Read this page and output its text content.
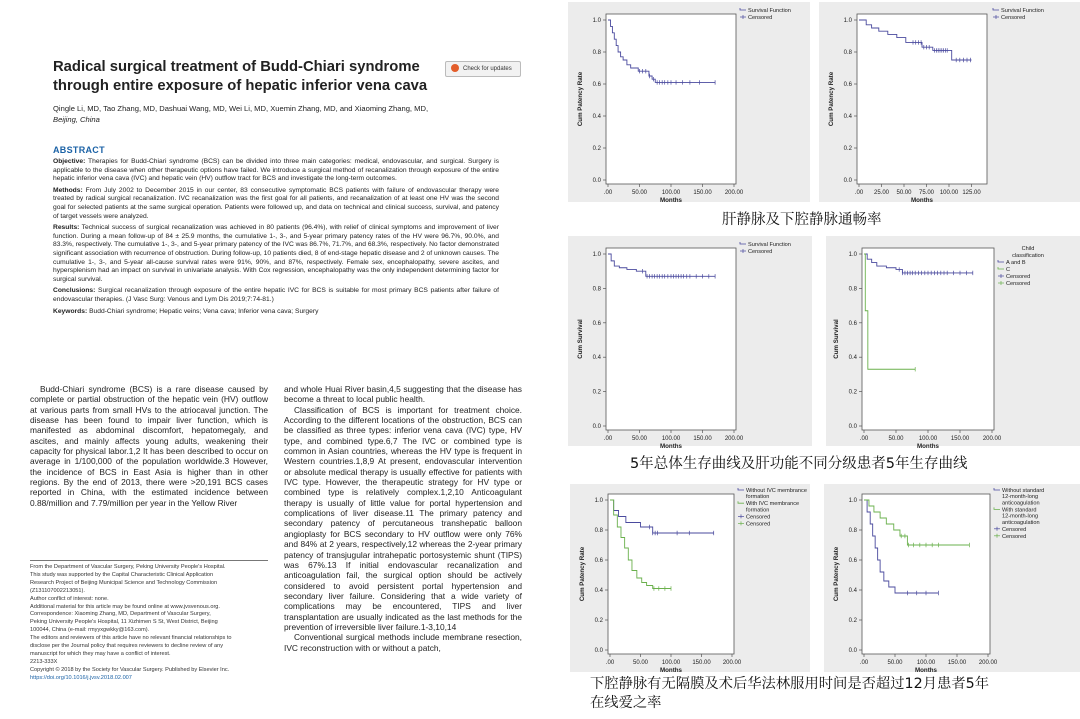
Radical surgical treatment of Budd-Chiari syndrome through entire exposure of hepatic inferior vena cava
Check for updates
Qingle Li, MD, Tao Zhang, MD, Dashuai Wang, MD, Wei Li, MD, Xuemin Zhang, MD, and Xiaoming Zhang, MD,
Beijing, China
ABSTRACT

Objective: Therapies for Budd-Chiari syndrome (BCS) can be divided into three main categories: medical, endovascular, and surgical. Surgery is applicable to the disease when other therapeutic options have failed. We introduce a surgical method of recanalization through exposure of the entire hepatic inferior vena cava (IVC) and hepatic vein (HV) outflow tract for BCS and investigate the long-term outcomes.

Methods: From July 2002 to December 2015 in our center, 83 consecutive symptomatic BCS patients with failure of endovascular therapy were treated by radical surgical recanalization. IVC recanalization was the first goal for all patients, and recanalization of at least one HV was the second goal for selected patients at the same surgical operation. Patients were followed up, and data on technical and clinical success, survival, and patency of target vessels were analyzed.

Results: Technical success of surgical recanalization was achieved in 80 patients (96.4%), with relief of clinical symptoms and improvement of liver function. During a mean follow-up of 84 ± 25.9 months, the cumulative 1-, 3-, and 5-year primary patency rates of the HV were 96.7%, 90.0%, and 83.3%, respectively. The cumulative 1-, 3-, and 5-year primary patency of the IVC was 86.7%, 71.7%, and 68.3%, respectively. No factor demonstrated significant association with recurrence of obstruction. During follow-up, 10 patients died, 8 of end-stage hepatic disease and 2 of unknown causes. The cumulative 1-, 3-, and 5-year all-cause survival rates were 91%, 90%, and 87%, respectively. Female sex, encephalopathy, severe ascites, and hypersplenism had an impact on survival in univariate analysis. With Cox regression, encephalopathy was the only independent determining factor for surgical survival.

Conclusions: Surgical recanalization through exposure of the entire hepatic IVC for BCS is suitable for most primary BCS patients after failure of endovascular therapies. (J Vasc Surg: Venous and Lym Dis 2019;7:74-81.)

Keywords: Budd-Chiari syndrome; Hepatic veins; Vena cava; Inferior vena cava; Surgery

Budd-Chiari syndrome (BCS) is a rare disease caused by complete or partial obstruction of the hepatic vein (HV) outflow at various parts from small HVs to the atriocaval junction. The disease has been found to impair liver function, which is manifested as abdominal discomfort, hepatomegaly, and ascites, and mainly affects young adults, weakening their capacity for physical labor.1,2 It has been described to occur on average in 1/100,000 of the population worldwide.3 However, the incidence of BCS in East Asia is higher than in other regions. By the end of 2013, there were >20,191 BCS cases reported in China, with the estimated incidence between 0.88/million and 7.79/million per year in the Yellow River

From the Department of Vascular Surgery, Peking University People's Hospital.
This study was supported by the Capital Characteristic Clinical Application
Research Project of Beijing Municipal Science and Technology Commission
(Z131107002213051).
Author conflict of interest: none.
Additional material for this article may be found online at www.jvsvenous.org.
Correspondence: Xiaoming Zhang, MD, Department of Vascular Surgery,
Peking University People's Hospital, 11 Xizhimen S St, West District, Beijing
100044, China (e-mail: rmyyxgwkky@163.com).
The editors and reviewers of this article have no relevant financial relationships to
disclose per the Journal policy that requires reviewers to decline review of any
manuscript for which they may have a conflict of interest.
2213-333X
Copyright © 2018 by the Society for Vascular Surgery. Published by Elsevier Inc.
https://doi.org/10.1016/j.jvsv.2018.02.007

and whole Huai River basin,4,5 suggesting that the disease has become a threat to local public health.

Classification of BCS is important for treatment choice. According to the different locations of the obstruction, BCS can be classified as three types: inferior vena cava (IVC) type, HV type, and combined type.6,7 The IVC or combined type is common in Asian countries, whereas the HV type is frequent in Western countries.1,8,9 At present, endovascular intervention or absolute medical therapy is usually effective for patients with IVC type. However, the therapeutic strategy for HV type or combined type is relatively complex.1,2,10 Anticoagulant therapy is usually of little value for portal hypertension and complications of liver disease.11 The primary patency and secondary patency of percutaneous transhepatic balloon angioplasty for BCS secondary to HV outflow were only 76% and 84% at 2 years, respectively,12 whereas the 2-year primary patency of transjugular intrahepatic portosystemic shunt (TIPS) was 67%.13 If initial endovascular recanalization and anticoagulation fail, the surgical option should be actively considered to avoid persistent portal hypertension and secondary liver failure. Considering that a wide variety of complications may be encountered, TIPS and liver transplantation are usually indicated as the last methods for the prevention of irreversible liver failure.1-3,10,14

Conventional surgical methods include membrane resection, IVC reconstruction with or without a patch,

0.0
0.2
0.4
0.6
0.8
1.0
.00	50.00 100.00 150.00 200.00
Months
Cum Patency Rate
Survival Function
Censored
0.0
0.2
0.4
0.6
0.8
1.0
.00 25.00 50.00 75.00 100.00 125.00
Months
Cum Patency Rate
Survival Function
Censored
肝静脉及下腔静脉通畅率
0.0
0.2
0.4
0.6
0.8
1.0
.00	50.00 100.00 150.00 200.00
Months
Cum Survival
Survival Function
Censored
0.0
0.2
0.4
0.6
0.8
1.0
.00	50.00	100.00 150.00 200.00
Months
Cum Survival
Child
classification
A and B
C
Censored
Censored
5年总体生存曲线及肝功能不同分级患者5年生存曲线
0.0
0.2
0.4
0.6
0.8
1.0
.00	50.00 100.00 150.00 200.00
Months
Cum Patency Rate
Without IVC membrance
formation
With IVC membrance
formation
Censored
Censored
0.0
0.2
0.4
0.6
0.8
1.0
.00	50.00 100.00 150.00 200.00
Months
Cum Patency Rate
Without standard
12-month-long
anticoagulation
With standard
12-month-long
anticoagulation
Censored
Censored
下腔静脉有无隔膜及术后华法林服用时间是否超过12月患者5年
在线爱之率
